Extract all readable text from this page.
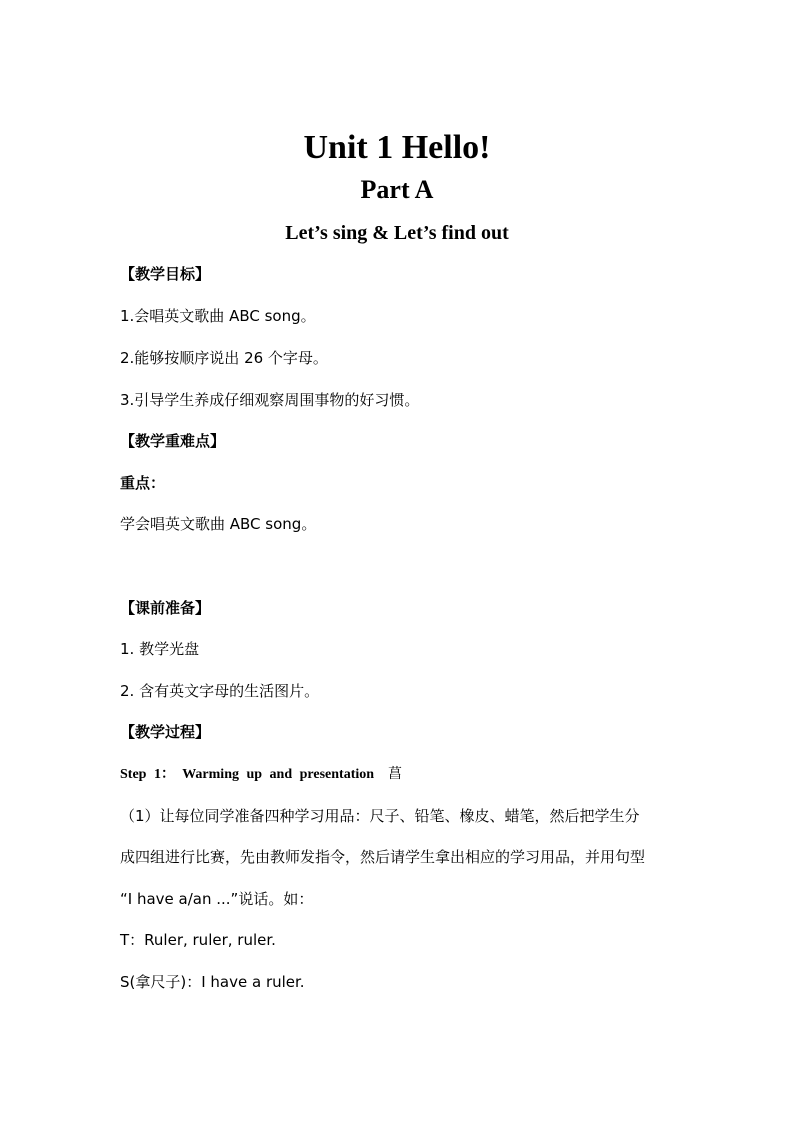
Unit 1 Hello!
Part A
Let’s sing & Let’s find out
【教学目标】
1.会唱英文歌曲 ABC song。
2.能够按顺序说出 26 个字母。
3.引导学生养成仔细观察周围事物的好习惯。
【教学重难点】
重点：
学会唱英文歌曲 ABC song。
【课前准备】
1. 教学光盘
2. 含有英文字母的生活图片。
【教学过程】
Step 1： Warming up and presentation 菖
（1）让每位同学准备四种学习用品：尺子、铅笔、橡皮、蜡笔，然后把学生分
成四组进行比赛，先由教师发指令，然后请学生拿出相应的学习用品，并用句型
“I have a/an ...”说话。如：
T：Ruler, ruler, ruler.
S(拿尺子)：I have a ruler.
